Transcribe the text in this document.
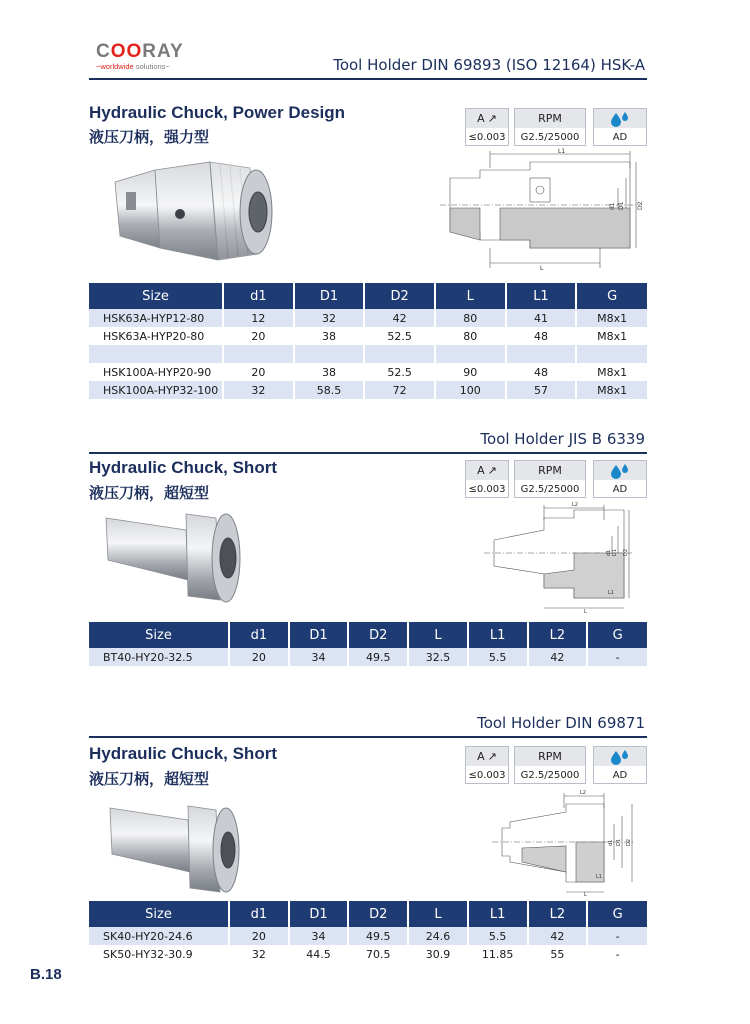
COORAY
~worldwide solutions~	Tool Holder DIN 69893 (ISO 12164) HSK-A
Hydraulic Chuck, Power Design
液压刀柄，强力型
A ↗
≤0.003
RPM
G2.5/25000	AD
L1
L
d1 D1 D2
Size	d1	D1	D2	L	L1	G
HSK63A-HYP12-80	12	32	42	80	41	M8x1
HSK63A-HYP20-80	20	38	52.5	80	48	M8x1

HSK100A-HYP20-90	20	38	52.5	90	48	M8x1
HSK100A-HYP32-100	32	58.5	72	100	57	M8x1
Tool Holder JIS B 6339
Hydraulic Chuck, Short
液压刀柄，超短型
A ↗
≤0.003
RPM
G2.5/25000	AD
L2
L1
L
d1 D1 D2
Size	d1	D1	D2	L	L1	L2	G
BT40-HY20-32.5	20	34	49.5	32.5	5.5	42	-
Tool Holder DIN 69871
Hydraulic Chuck, Short
液压刀柄，超短型
A ↗
≤0.003
RPM
G2.5/25000	AD
L2
L1
L
d1 D1 D2
Size	d1	D1	D2	L	L1	L2	G
SK40-HY20-24.6	20	34	49.5	24.6	5.5	42	-
SK50-HY32-30.9	32	44.5	70.5	30.9	11.85	55	-
B.18
